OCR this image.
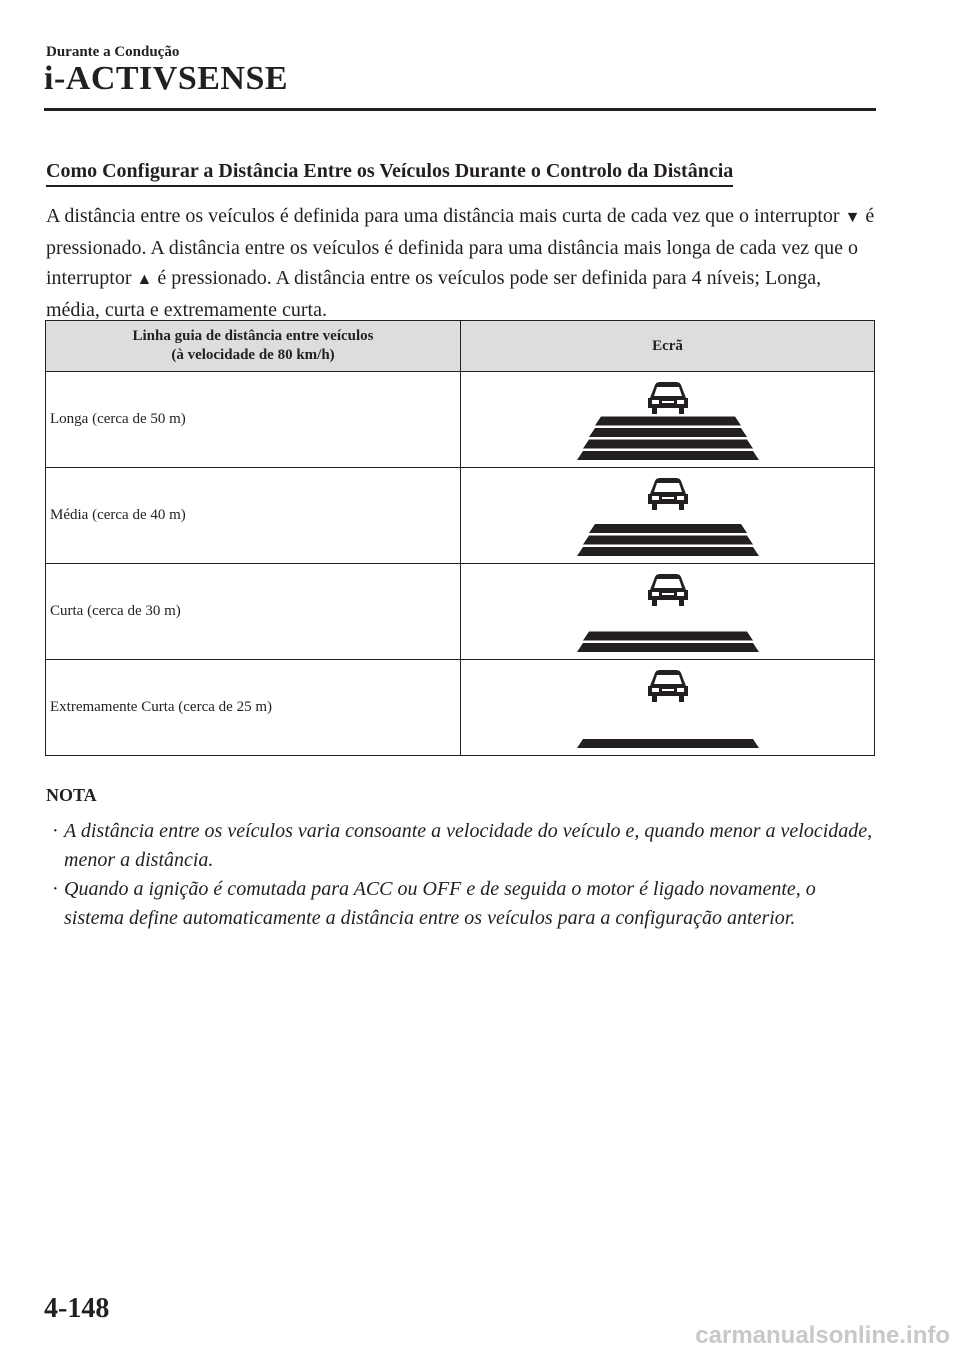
Durante a Condução
i-ACTIVSENSE
Como Configurar a Distância Entre os Veículos Durante o Controlo da Distância
A distância entre os veículos é definida para uma distância mais curta de cada vez que o interruptor ▼ é pressionado. A distância entre os veículos é definida para uma distância mais longa de cada vez que o interruptor ▲ é pressionado. A distância entre os veículos pode ser definida para 4 níveis; Longa, média, curta e extremamente curta.
Linha guia de distância entre veículos
(à velocidade de 80 km/h)	Ecrã
Longa (cerca de 50 m)	

Média (cerca de 40 m)	

Curta (cerca de 30 m)	

Extremamente Curta (cerca de 25 m)	
NOTA
· A distância entre os veículos varia consoante a velocidade do veículo e, quando menor a velocidade, menor a distância.
· Quando a ignição é comutada para ACC ou OFF e de seguida o motor é ligado novamente, o sistema define automaticamente a distância entre os veículos para a configuração anterior.
4-148
carmanualsonline.info
